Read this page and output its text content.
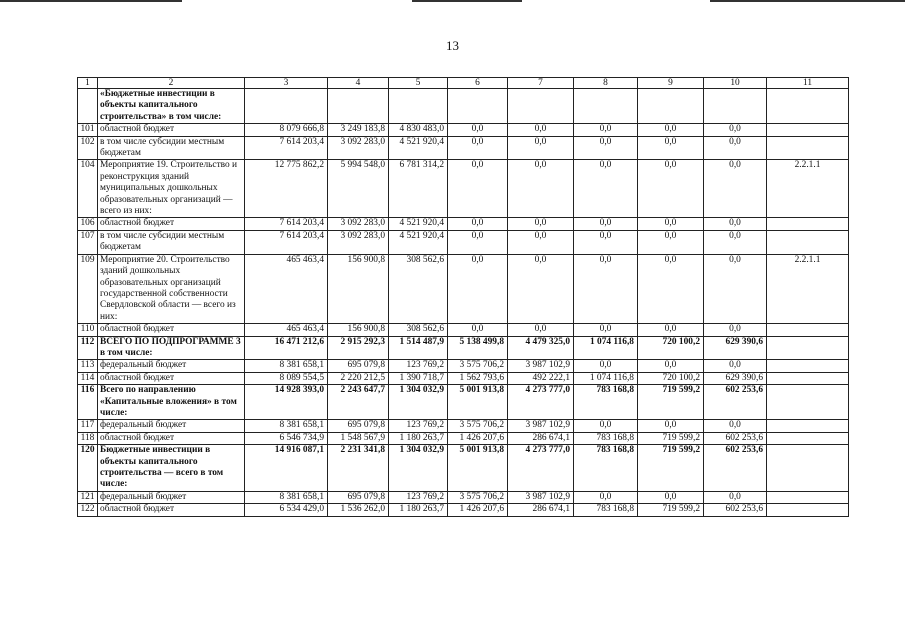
13
1	2	3	4	5	6	7	8	9	10	11
	«Бюджетные инвестиции в объекты капитального строительства» в том числе:									
101	областной бюджет	8 079 666,8	3 249 183,8	4 830 483,0	0,0	0,0	0,0	0,0	0,0	
102	в том числе субсидии местным бюджетам	7 614 203,4	3 092 283,0	4 521 920,4	0,0	0,0	0,0	0,0	0,0	
104	Мероприятие 19. Строительство и реконструкция зданий муниципальных дошкольных образовательных организаций — всего из них:	12 775 862,2	5 994 548,0	6 781 314,2	0,0	0,0	0,0	0,0	0,0	2.2.1.1
106	областной бюджет	7 614 203,4	3 092 283,0	4 521 920,4	0,0	0,0	0,0	0,0	0,0	
107	в том числе субсидии местным бюджетам	7 614 203,4	3 092 283,0	4 521 920,4	0,0	0,0	0,0	0,0	0,0	
109	Мероприятие 20. Строительство зданий дошкольных образовательных организаций государственной собственности Свердловской области — всего из них:	465 463,4	156 900,8	308 562,6	0,0	0,0	0,0	0,0	0,0	2.2.1.1
110	областной бюджет	465 463,4	156 900,8	308 562,6	0,0	0,0	0,0	0,0	0,0	
112	ВСЕГО ПО ПОДПРОГРАММЕ 3 в том числе:	16 471 212,6	2 915 292,3	1 514 487,9	5 138 499,8	4 479 325,0	1 074 116,8	720 100,2	629 390,6	
113	федеральный бюджет	8 381 658,1	695 079,8	123 769,2	3 575 706,2	3 987 102,9	0,0	0,0	0,0	
114	областной бюджет	8 089 554,5	2 220 212,5	1 390 718,7	1 562 793,6	492 222,1	1 074 116,8	720 100,2	629 390,6	
116	Всего по направлению «Капитальные вложения» в том числе:	14 928 393,0	2 243 647,7	1 304 032,9	5 001 913,8	4 273 777,0	783 168,8	719 599,2	602 253,6	
117	федеральный бюджет	8 381 658,1	695 079,8	123 769,2	3 575 706,2	3 987 102,9	0,0	0,0	0,0	
118	областной бюджет	6 546 734,9	1 548 567,9	1 180 263,7	1 426 207,6	286 674,1	783 168,8	719 599,2	602 253,6	
120	Бюджетные инвестиции в объекты капитального строительства — всего в том числе:	14 916 087,1	2 231 341,8	1 304 032,9	5 001 913,8	4 273 777,0	783 168,8	719 599,2	602 253,6	
121	федеральный бюджет	8 381 658,1	695 079,8	123 769,2	3 575 706,2	3 987 102,9	0,0	0,0	0,0	
122	областной бюджет	6 534 429,0	1 536 262,0	1 180 263,7	1 426 207,6	286 674,1	783 168,8	719 599,2	602 253,6	
